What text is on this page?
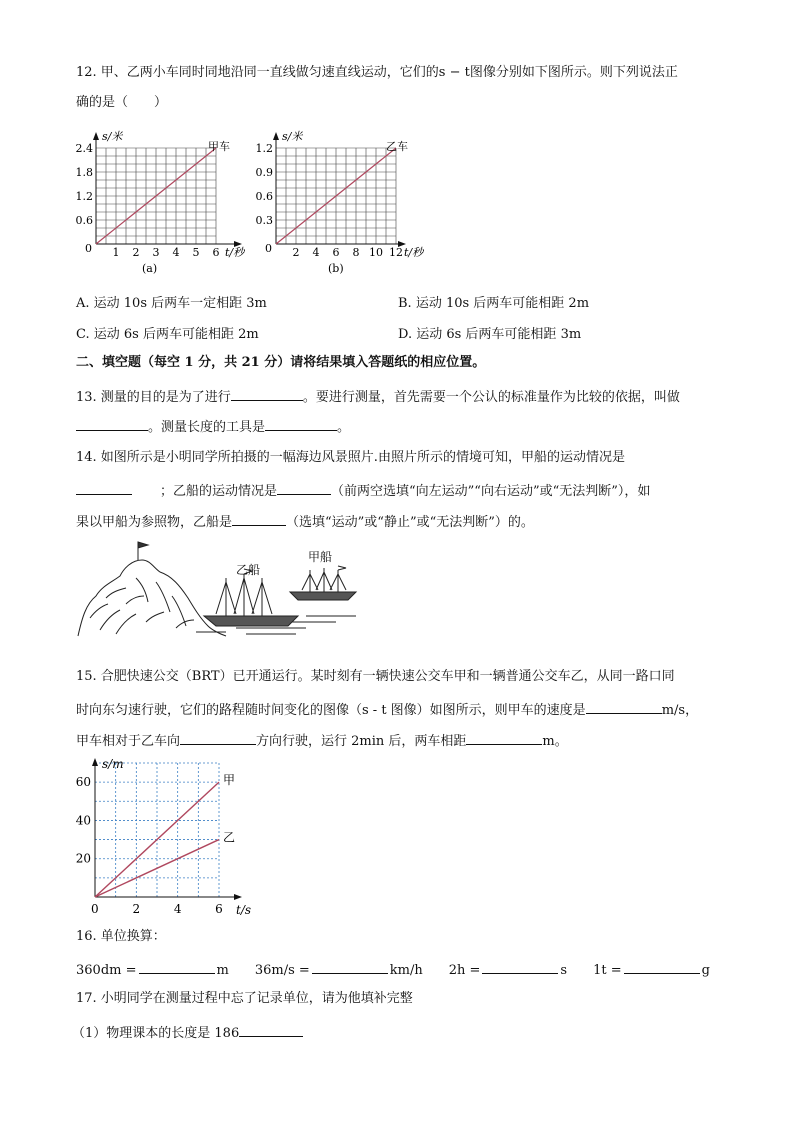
12. 甲、乙两小车同时同地沿同一直线做匀速直线运动，它们的s − t图像分别如下图所示。则下列说法正
确的是（　　）
s/米
甲车
0 1 2 3 4 5 6
0.6
1.2
1.8
2.4
t/秒
(a)
s/米
乙车
0 2 4 6 8 10 12
0.3
0.6
0.9
1.2
t/秒
(b)
A. 运动 10s 后两车一定相距 3m	B. 运动 10s 后两车可能相距 2m
C. 运动 6s 后两车可能相距 2m	D. 运动 6s 后两车可能相距 3m
二、填空题（每空 1 分，共 21 分）请将结果填入答题纸的相应位置。
13. 测量的目的是为了进行	。要进行测量，首先需要一个公认的标准量作为比较的依据，叫做
。测量长度的工具是	。
14. 如图所示是小明同学所拍摄的一幅海边风景照片.由照片所示的情境可知，甲船的运动情况是
；乙船的运动情况是	（前两空选填“向左运动”“向右运动”或“无法判断”），如
果以甲船为参照物，乙船是	（选填“运动”或“静止”或“无法判断”）的。
乙船
甲船
15. 合肥快速公交（BRT）已开通运行。某时刻有一辆快速公交车甲和一辆普通公交车乙，从同一路口同
时向东匀速行驶，它们的路程随时间变化的图像（s - t 图像）如图所示，则甲车的速度是	m/s，
甲车相对于乙车向	方向行驶，运行 2min 后，两车相距	m。
甲
乙
2	4	6
20
40
60
s/m
0	t/s
16. 单位换算：
360dm =	m 36m/s =	km/h 2h =	s 1t =	g
17. 小明同学在测量过程中忘了记录单位，请为他填补完整
（1）物理课本的长度是 186
